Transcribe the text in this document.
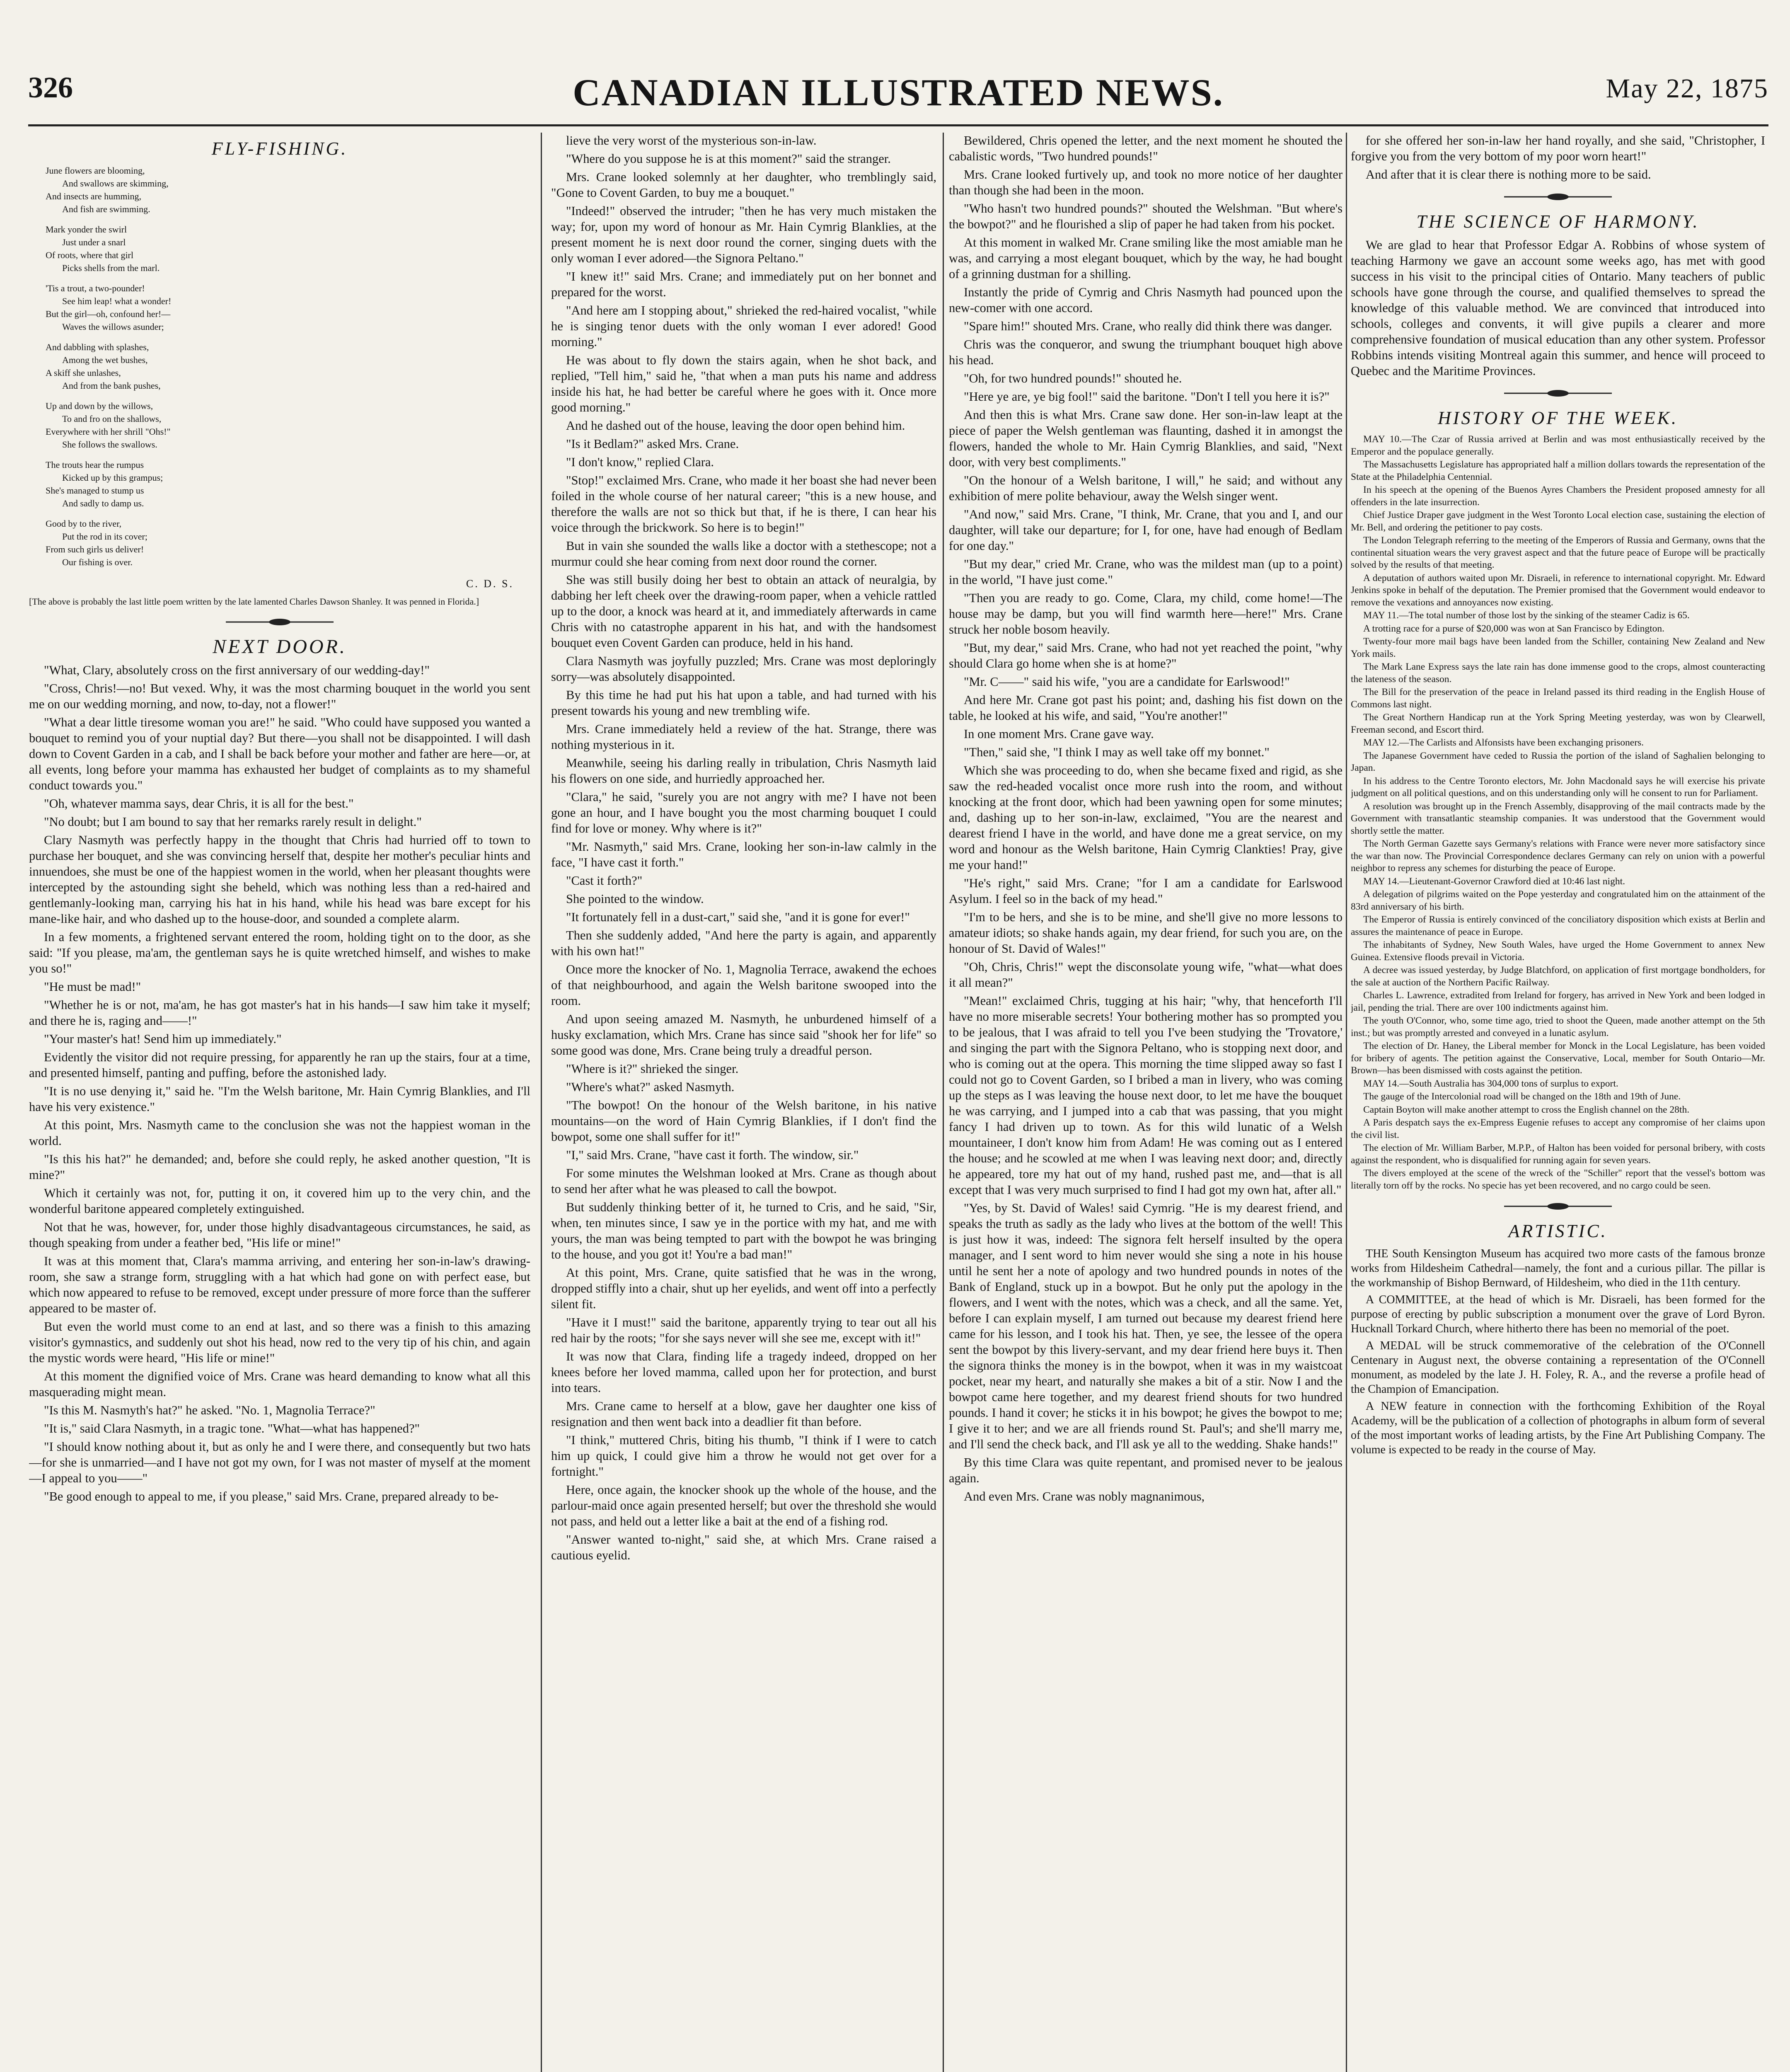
CANADIAN ILLUSTRATED NEWS.
326	May 22, 1875
FLY-FISHING.
June flowers are blooming,
And swallows are skimming,
And insects are humming,
And fish are swimming.
Mark yonder the swirl
Just under a snarl
Of roots, where that girl
Picks shells from the marl.
'Tis a trout, a two-pounder!
See him leap! what a wonder!
But the girl—oh, confound her!—
Waves the willows asunder;
And dabbling with splashes,
Among the wet bushes,
A skiff she unlashes,
And from the bank pushes,
Up and down by the willows,
To and fro on the shallows,
Everywhere with her shrill "Ohs!"
She follows the swallows.
The trouts hear the rumpus
Kicked up by this grampus;
She's managed to stump us
And sadly to damp us.
Good by to the river,
Put the rod in its cover;
From such girls us deliver!
Our fishing is over.
C. D. S.
[The above is probably the last little poem written by the late lamented Charles Dawson Shanley. It was penned in Florida.]
NEXT DOOR.

"What, Clary, absolutely cross on the first anniversary of our wedding-day!"

"Cross, Chris!—no! But vexed. Why, it was the most charming bouquet in the world you sent me on our wedding morning, and now, to-day, not a flower!"

"What a dear little tiresome woman you are!" he said. "Who could have supposed you wanted a bouquet to remind you of your nuptial day? But there—you shall not be disappointed. I will dash down to Covent Garden in a cab, and I shall be back before your mother and father are here—or, at all events, long before your mamma has exhausted her budget of complaints as to my shameful conduct towards you."

"Oh, whatever mamma says, dear Chris, it is all for the best."

"No doubt; but I am bound to say that her remarks rarely result in delight."

Clary Nasmyth was perfectly happy in the thought that Chris had hurried off to town to purchase her bouquet, and she was convincing herself that, despite her mother's peculiar hints and innuendoes, she must be one of the happiest women in the world, when her pleasant thoughts were intercepted by the astounding sight she beheld, which was nothing less than a red-haired and gentlemanly-looking man, carrying his hat in his hand, while his head was bare except for his mane-like hair, and who dashed up to the house-door, and sounded a complete alarm.

In a few moments, a frightened servant entered the room, holding tight on to the door, as she said: "If you please, ma'am, the gentleman says he is quite wretched himself, and wishes to make you so!"

"He must be mad!"

"Whether he is or not, ma'am, he has got master's hat in his hands—I saw him take it myself; and there he is, raging and——!"

"Your master's hat! Send him up immediately."

Evidently the visitor did not require pressing, for apparently he ran up the stairs, four at a time, and presented himself, panting and puffing, before the astonished lady.

"It is no use denying it," said he. "I'm the Welsh baritone, Mr. Hain Cymrig Blanklies, and I'll have his very existence."

At this point, Mrs. Nasmyth came to the conclusion she was not the happiest woman in the world.

"Is this his hat?" he demanded; and, before she could reply, he asked another question, "It is mine?"

Which it certainly was not, for, putting it on, it covered him up to the very chin, and the wonderful baritone appeared completely extinguished.

Not that he was, however, for, under those highly disadvantageous circumstances, he said, as though speaking from under a feather bed, "His life or mine!"

It was at this moment that, Clara's mamma arriving, and entering her son-in-law's drawing-room, she saw a strange form, struggling with a hat which had gone on with perfect ease, but which now appeared to refuse to be removed, except under pressure of more force than the sufferer appeared to be master of.

But even the world must come to an end at last, and so there was a finish to this amazing visitor's gymnastics, and suddenly out shot his head, now red to the very tip of his chin, and again the mystic words were heard, "His life or mine!"

At this moment the dignified voice of Mrs. Crane was heard demanding to know what all this masquerading might mean.

"Is this M. Nasmyth's hat?" he asked. "No. 1, Magnolia Terrace?"

"It is," said Clara Nasmyth, in a tragic tone. "What—what has happened?"

"I should know nothing about it, but as only he and I were there, and consequently but two hats—for she is unmarried—and I have not got my own, for I was not master of myself at the moment—I appeal to you——"

"Be good enough to appeal to me, if you please," said Mrs. Crane, prepared already to be-

lieve the very worst of the mysterious son-in-law.

"Where do you suppose he is at this moment?" said the stranger.

Mrs. Crane looked solemnly at her daughter, who tremblingly said, "Gone to Covent Garden, to buy me a bouquet."

"Indeed!" observed the intruder; "then he has very much mistaken the way; for, upon my word of honour as Mr. Hain Cymrig Blanklies, at the present moment he is next door round the corner, singing duets with the only woman I ever adored—the Signora Peltano."

"I knew it!" said Mrs. Crane; and immediately put on her bonnet and prepared for the worst.

"And here am I stopping about," shrieked the red-haired vocalist, "while he is singing tenor duets with the only woman I ever adored! Good morning."

He was about to fly down the stairs again, when he shot back, and replied, "Tell him," said he, "that when a man puts his name and address inside his hat, he had better be careful where he goes with it. Once more good morning."

And he dashed out of the house, leaving the door open behind him.

"Is it Bedlam?" asked Mrs. Crane.

"I don't know," replied Clara.

"Stop!" exclaimed Mrs. Crane, who made it her boast she had never been foiled in the whole course of her natural career; "this is a new house, and therefore the walls are not so thick but that, if he is there, I can hear his voice through the brickwork. So here is to begin!"

But in vain she sounded the walls like a doctor with a stethescope; not a murmur could she hear coming from next door round the corner.

She was still busily doing her best to obtain an attack of neuralgia, by dabbing her left cheek over the drawing-room paper, when a vehicle rattled up to the door, a knock was heard at it, and immediately afterwards in came Chris with no catastrophe apparent in his hat, and with the handsomest bouquet even Covent Garden can produce, held in his hand.

Clara Nasmyth was joyfully puzzled; Mrs. Crane was most deploringly sorry—was absolutely disappointed.

By this time he had put his hat upon a table, and had turned with his present towards his young and new trembling wife.

Mrs. Crane immediately held a review of the hat. Strange, there was nothing mysterious in it.

Meanwhile, seeing his darling really in tribulation, Chris Nasmyth laid his flowers on one side, and hurriedly approached her.

"Clara," he said, "surely you are not angry with me? I have not been gone an hour, and I have bought you the most charming bouquet I could find for love or money. Why where is it?"

"Mr. Nasmyth," said Mrs. Crane, looking her son-in-law calmly in the face, "I have cast it forth."

"Cast it forth?"

She pointed to the window.

"It fortunately fell in a dust-cart," said she, "and it is gone for ever!"

Then she suddenly added, "And here the party is again, and apparently with his own hat!"

Once more the knocker of No. 1, Magnolia Terrace, awakend the echoes of that neighbourhood, and again the Welsh baritone swooped into the room.

And upon seeing amazed M. Nasmyth, he unburdened himself of a husky exclamation, which Mrs. Crane has since said "shook her for life" so some good was done, Mrs. Crane being truly a dreadful person.

"Where is it?" shrieked the singer.

"Where's what?" asked Nasmyth.

"The bowpot! On the honour of the Welsh baritone, in his native mountains—on the word of Hain Cymrig Blanklies, if I don't find the bowpot, some one shall suffer for it!"

"I," said Mrs. Crane, "have cast it forth. The window, sir."

For some minutes the Welshman looked at Mrs. Crane as though about to send her after what he was pleased to call the bowpot.

But suddenly thinking better of it, he turned to Cris, and he said, "Sir, when, ten minutes since, I saw ye in the portice with my hat, and me with yours, the man was being tempted to part with the bowpot he was bringing to the house, and you got it! You're a bad man!"

At this point, Mrs. Crane, quite satisfied that he was in the wrong, dropped stiffly into a chair, shut up her eyelids, and went off into a perfectly silent fit.

"Have it I must!" said the baritone, apparently trying to tear out all his red hair by the roots; "for she says never will she see me, except with it!"

It was now that Clara, finding life a tragedy indeed, dropped on her knees before her loved mamma, called upon her for protection, and burst into tears.

Mrs. Crane came to herself at a blow, gave her daughter one kiss of resignation and then went back into a deadlier fit than before.

"I think," muttered Chris, biting his thumb, "I think if I were to catch him up quick, I could give him a throw he would not get over for a fortnight."

Here, once again, the knocker shook up the whole of the house, and the parlour-maid once again presented herself; but over the threshold she would not pass, and held out a letter like a bait at the end of a fishing rod.

"Answer wanted to-night," said she, at which Mrs. Crane raised a cautious eyelid.

Bewildered, Chris opened the letter, and the next moment he shouted the cabalistic words, "Two hundred pounds!"

Mrs. Crane looked furtively up, and took no more notice of her daughter than though she had been in the moon.

"Who hasn't two hundred pounds?" shouted the Welshman. "But where's the bowpot?" and he flourished a slip of paper he had taken from his pocket.

At this moment in walked Mr. Crane smiling like the most amiable man he was, and carrying a most elegant bouquet, which by the way, he had bought of a grinning dustman for a shilling.

Instantly the pride of Cymrig and Chris Nasmyth had pounced upon the new-comer with one accord.

"Spare him!" shouted Mrs. Crane, who really did think there was danger.

Chris was the conqueror, and swung the triumphant bouquet high above his head.

"Oh, for two hundred pounds!" shouted he.

"Here ye are, ye big fool!" said the baritone. "Don't I tell you here it is?"

And then this is what Mrs. Crane saw done. Her son-in-law leapt at the piece of paper the Welsh gentleman was flaunting, dashed it in amongst the flowers, handed the whole to Mr. Hain Cymrig Blanklies, and said, "Next door, with very best compliments."

"On the honour of a Welsh baritone, I will," he said; and without any exhibition of mere polite behaviour, away the Welsh singer went.

"And now," said Mrs. Crane, "I think, Mr. Crane, that you and I, and our daughter, will take our departure; for I, for one, have had enough of Bedlam for one day."

"But my dear," cried Mr. Crane, who was the mildest man (up to a point) in the world, "I have just come."

"Then you are ready to go. Come, Clara, my child, come home!—The house may be damp, but you will find warmth here—here!" Mrs. Crane struck her noble bosom heavily.

"But, my dear," said Mrs. Crane, who had not yet reached the point, "why should Clara go home when she is at home?"

"Mr. C——" said his wife, "you are a candidate for Earlswood!"

And here Mr. Crane got past his point; and, dashing his fist down on the table, he looked at his wife, and said, "You're another!"

In one moment Mrs. Crane gave way.

"Then," said she, "I think I may as well take off my bonnet."

Which she was proceeding to do, when she became fixed and rigid, as she saw the red-headed vocalist once more rush into the room, and without knocking at the front door, which had been yawning open for some minutes; and, dashing up to her son-in-law, exclaimed, "You are the nearest and dearest friend I have in the world, and have done me a great service, on my word and honour as the Welsh baritone, Hain Cymrig Clankties! Pray, give me your hand!"

"He's right," said Mrs. Crane; "for I am a candidate for Earlswood Asylum. I feel so in the back of my head."

"I'm to be hers, and she is to be mine, and she'll give no more lessons to amateur idiots; so shake hands again, my dear friend, for such you are, on the honour of St. David of Wales!"

"Oh, Chris, Chris!" wept the disconsolate young wife, "what—what does it all mean?"

"Mean!" exclaimed Chris, tugging at his hair; "why, that henceforth I'll have no more miserable secrets! Your bothering mother has so prompted you to be jealous, that I was afraid to tell you I've been studying the 'Trovatore,' and singing the part with the Signora Peltano, who is stopping next door, and who is coming out at the opera. This morning the time slipped away so fast I could not go to Covent Garden, so I bribed a man in livery, who was coming up the steps as I was leaving the house next door, to let me have the bouquet he was carrying, and I jumped into a cab that was passing, that you might fancy I had driven up to town. As for this wild lunatic of a Welsh mountaineer, I don't know him from Adam! He was coming out as I entered the house; and he scowled at me when I was leaving next door; and, directly he appeared, tore my hat out of my hand, rushed past me, and—that is all except that I was very much surprised to find I had got my own hat, after all."

"Yes, by St. David of Wales! said Cymrig. "He is my dearest friend, and speaks the truth as sadly as the lady who lives at the bottom of the well! This is just how it was, indeed: The signora felt herself insulted by the opera manager, and I sent word to him never would she sing a note in his house until he sent her a note of apology and two hundred pounds in notes of the Bank of England, stuck up in a bowpot. But he only put the apology in the flowers, and I went with the notes, which was a check, and all the same. Yet, before I can explain myself, I am turned out because my dearest friend here came for his lesson, and I took his hat. Then, ye see, the lessee of the opera sent the bowpot by this livery-servant, and my dear friend here buys it. Then the signora thinks the money is in the bowpot, when it was in my waistcoat pocket, near my heart, and naturally she makes a bit of a stir. Now I and the bowpot came here together, and my dearest friend shouts for two hundred pounds. I hand it cover; he sticks it in his bowpot; he gives the bowpot to me; I give it to her; and we are all friends round St. Paul's; and she'll marry me, and I'll send the check back, and I'll ask ye all to the wedding. Shake hands!"

By this time Clara was quite repentant, and promised never to be jealous again.

And even Mrs. Crane was nobly magnanimous,

for she offered her son-in-law her hand royally, and she said, "Christopher, I forgive you from the very bottom of my poor worn heart!"

And after that it is clear there is nothing more to be said.

THE SCIENCE OF HARMONY.

We are glad to hear that Professor Edgar A. Robbins of whose system of teaching Harmony we gave an account some weeks ago, has met with good success in his visit to the principal cities of Ontario. Many teachers of public schools have gone through the course, and qualified themselves to spread the knowledge of this valuable method. We are convinced that introduced into schools, colleges and convents, it will give pupils a clearer and more comprehensive foundation of musical education than any other system. Professor Robbins intends visiting Montreal again this summer, and hence will proceed to Quebec and the Maritime Provinces.

HISTORY OF THE WEEK.

MAY 10.—The Czar of Russia arrived at Berlin and was most enthusiastically received by the Emperor and the populace generally.

The Massachusetts Legislature has appropriated half a million dollars towards the representation of the State at the Philadelphia Centennial.

In his speech at the opening of the Buenos Ayres Chambers the President proposed amnesty for all offenders in the late insurrection.

Chief Justice Draper gave judgment in the West Toronto Local election case, sustaining the election of Mr. Bell, and ordering the petitioner to pay costs.

The London Telegraph referring to the meeting of the Emperors of Russia and Germany, owns that the continental situation wears the very gravest aspect and that the future peace of Europe will be practically solved by the results of that meeting.

A deputation of authors waited upon Mr. Disraeli, in reference to international copyright. Mr. Edward Jenkins spoke in behalf of the deputation. The Premier promised that the Government would endeavor to remove the vexations and annoyances now existing.

MAY 11.—The total number of those lost by the sinking of the steamer Cadiz is 65.

A trotting race for a purse of $20,000 was won at San Francisco by Edington.

Twenty-four more mail bags have been landed from the Schiller, containing New Zealand and New York mails.

The Mark Lane Express says the late rain has done immense good to the crops, almost counteracting the lateness of the season.

The Bill for the preservation of the peace in Ireland passed its third reading in the English House of Commons last night.

The Great Northern Handicap run at the York Spring Meeting yesterday, was won by Clearwell, Freeman second, and Escort third.

MAY 12.—The Carlists and Alfonsists have been exchanging prisoners.

The Japanese Government have ceded to Russia the portion of the island of Saghalien belonging to Japan.

In his address to the Centre Toronto electors, Mr. John Macdonald says he will exercise his private judgment on all political questions, and on this understanding only will he consent to run for Parliament.

A resolution was brought up in the French Assembly, disapproving of the mail contracts made by the Government with transatlantic steamship companies. It was understood that the Government would shortly settle the matter.

The North German Gazette says Germany's relations with France were never more satisfactory since the war than now. The Provincial Correspondence declares Germany can rely on union with a powerful neighbor to repress any schemes for disturbing the peace of Europe.

MAY 14.—Lieutenant-Governor Crawford died at 10:46 last night.

A delegation of pilgrims waited on the Pope yesterday and congratulated him on the attainment of the 83rd anniversary of his birth.

The Emperor of Russia is entirely convinced of the conciliatory disposition which exists at Berlin and assures the maintenance of peace in Europe.

The inhabitants of Sydney, New South Wales, have urged the Home Government to annex New Guinea. Extensive floods prevail in Victoria.

A decree was issued yesterday, by Judge Blatchford, on application of first mortgage bondholders, for the sale at auction of the Northern Pacific Railway.

Charles L. Lawrence, extradited from Ireland for forgery, has arrived in New York and been lodged in jail, pending the trial. There are over 100 indictments against him.

The youth O'Connor, who, some time ago, tried to shoot the Queen, made another attempt on the 5th inst.; but was promptly arrested and conveyed in a lunatic asylum.

The election of Dr. Haney, the Liberal member for Monck in the Local Legislature, has been voided for bribery of agents. The petition against the Conservative, Local, member for South Ontario—Mr. Brown—has been dismissed with costs against the petition.

MAY 14.—South Australia has 304,000 tons of surplus to export.

The gauge of the Intercolonial road will be changed on the 18th and 19th of June.

Captain Boyton will make another attempt to cross the English channel on the 28th.

A Paris despatch says the ex-Empress Eugenie refuses to accept any compromise of her claims upon the civil list.

The election of Mr. William Barber, M.P.P., of Halton has been voided for personal bribery, with costs against the respondent, who is disqualified for running again for seven years.

The divers employed at the scene of the wreck of the "Schiller" report that the vessel's bottom was literally torn off by the rocks. No specie has yet been recovered, and no cargo could be seen.

ARTISTIC.

THE South Kensington Museum has acquired two more casts of the famous bronze works from Hildesheim Cathedral—namely, the font and a curious pillar. The pillar is the workmanship of Bishop Bernward, of Hildesheim, who died in the 11th century.

A COMMITTEE, at the head of which is Mr. Disraeli, has been formed for the purpose of erecting by public subscription a monument over the grave of Lord Byron. Hucknall Torkard Church, where hitherto there has been no memorial of the poet.

A MEDAL will be struck commemorative of the celebration of the O'Connell Centenary in August next, the obverse containing a representation of the O'Connell monument, as modeled by the late J. H. Foley, R. A., and the reverse a profile head of the Champion of Emancipation.

A NEW feature in connection with the forthcoming Exhibition of the Royal Academy, will be the publication of a collection of photographs in album form of several of the most important works of leading artists, by the Fine Art Publishing Company. The volume is expected to be ready in the course of May.
